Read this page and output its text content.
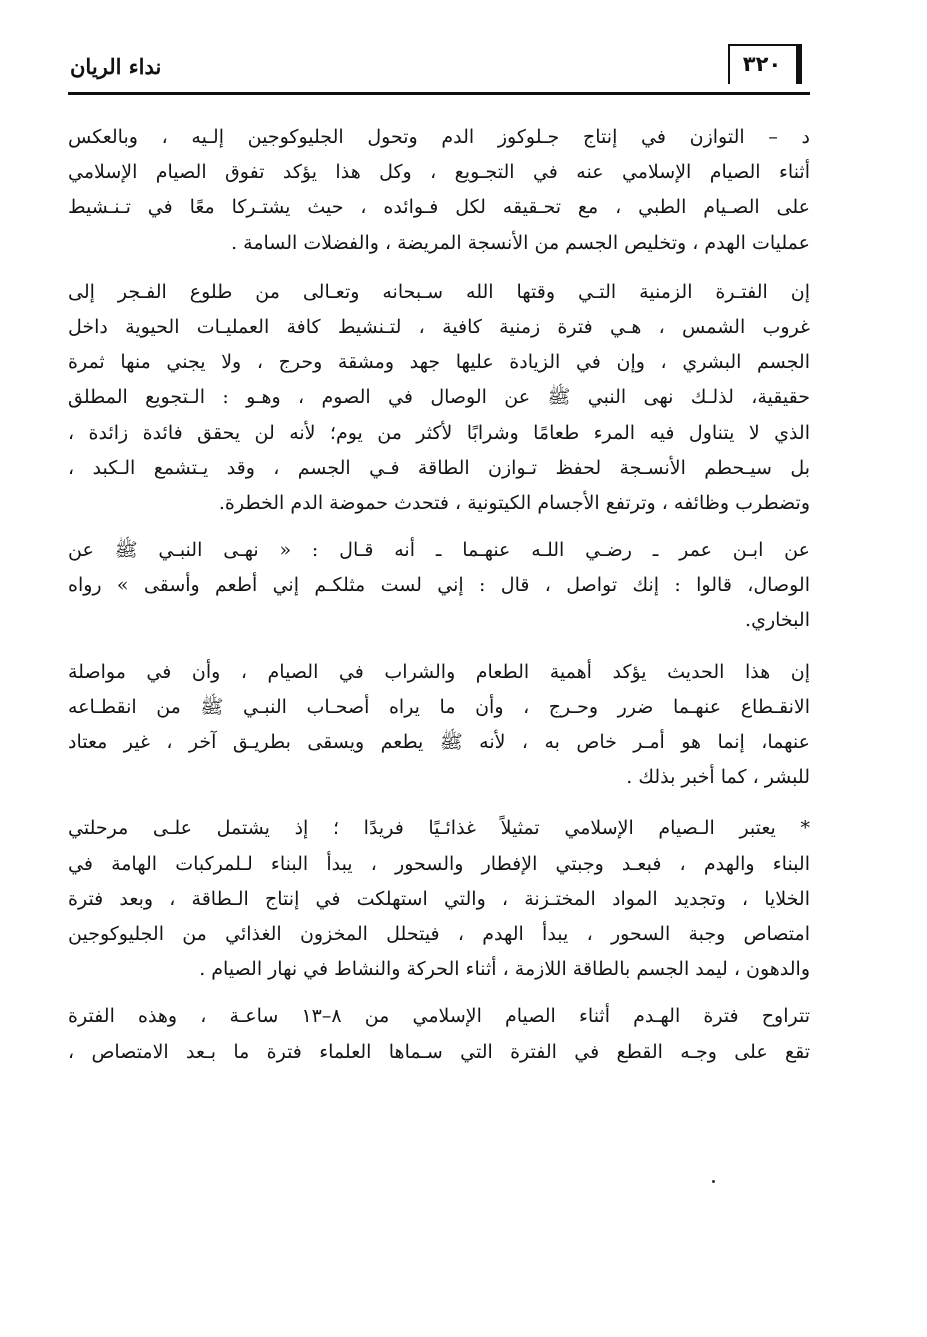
نداء الريان	٣٢٠
د – التوازن في إنتاج جـلوكوز الدم وتحول الجليوكوجين إلـيه ، وبالعكس
أثناء الصيام الإسلامي عنه في التجـويع ، وكل هذا يؤكد تفوق الصيام الإسلامي
على الصـيام الطبي ، مع تحـقيقه لكل فـوائده ، حيث يشتـركا معًا في تـنـشيط
عمليات الهدم ، وتخليص الجسم من الأنسجة المريضة ، والفضلات السامة .
إن الفتـرة الزمنية التـي وقتها الله سـبحانه وتعـالى من طلوع الفـجر إلى
غروب الشمس ، هـي فترة زمنية كافية ، لتـنشيط كافة العمليـات الحيوية داخل
الجسم البشري ، وإن في الزيادة عليها جهد ومشقة وحرج ، ولا يجني منها ثمرة
حقيقية، لذلـك نهى النبي ﷺ عن الوصال في الصوم ، وهـو : الـتجويع المطلق
الذي لا يتناول فيه المرء طعامًا وشرابًا لأكثر من يوم؛ لأنه لن يحقق فائدة زائدة ،
بل سيـحطم الأنسـجة لحفظ تـوازن الطاقة فـي الجسم ، وقد يـتشمع الـكبد ،
وتضطرب وظائفه ، وترتفع الأجسام الكيتونية ، فتحدث حموضة الدم الخطرة.
عن ابـن عمر ـ رضـي اللـه عنهـما ـ أنه قـال : « نهـى النبـي ﷺ عن
الوصال، قالوا : إنك تواصل ، قال : إني لست مثلكـم إني أطعم وأسقى » رواه
البخاري.
إن هذا الحديث يؤكد أهمية الطعام والشراب في الصيام ، وأن في مواصلة
الانقـطاع عنهـما ضرر وحـرج ، وأن ما يراه أصحـاب النبـي ﷺ من انقطـاعه
عنهما، إنما هو أمـر خاص به ، لأنه ﷺ يطعم ويسقى بطريـق آخر ، غير معتاد
للبشر ، كما أخبر بذلك .
* يعتبر الـصيام الإسلامي تمثيلاً غذائـيًا فريدًا ؛ إذ يشتمل علـى مرحلتي
البناء والهدم ، فبعـد وجبتي الإفطار والسحور ، يبدأ البناء لـلمركبات الهامة في
الخلايا ، وتجديد المواد المختـزنة ، والتي استهلكت في إنتاج الـطاقة ، وبعد فترة
امتصاص وجبة السحور ، يبدأ الهدم ، فيتحلل المخزون الغذائي من الجليوكوجين
والدهون ، ليمد الجسم بالطاقة اللازمة ، أثناء الحركة والنشاط في نهار الصيام .
تتراوح فترة الهـدم أثناء الصيام الإسلامي من ٨–١٣ ساعـة ، وهذه الفترة
تقع على وجـه القطع في الفترة التي سـماها العلماء فترة ما بـعد الامتصاص ،
